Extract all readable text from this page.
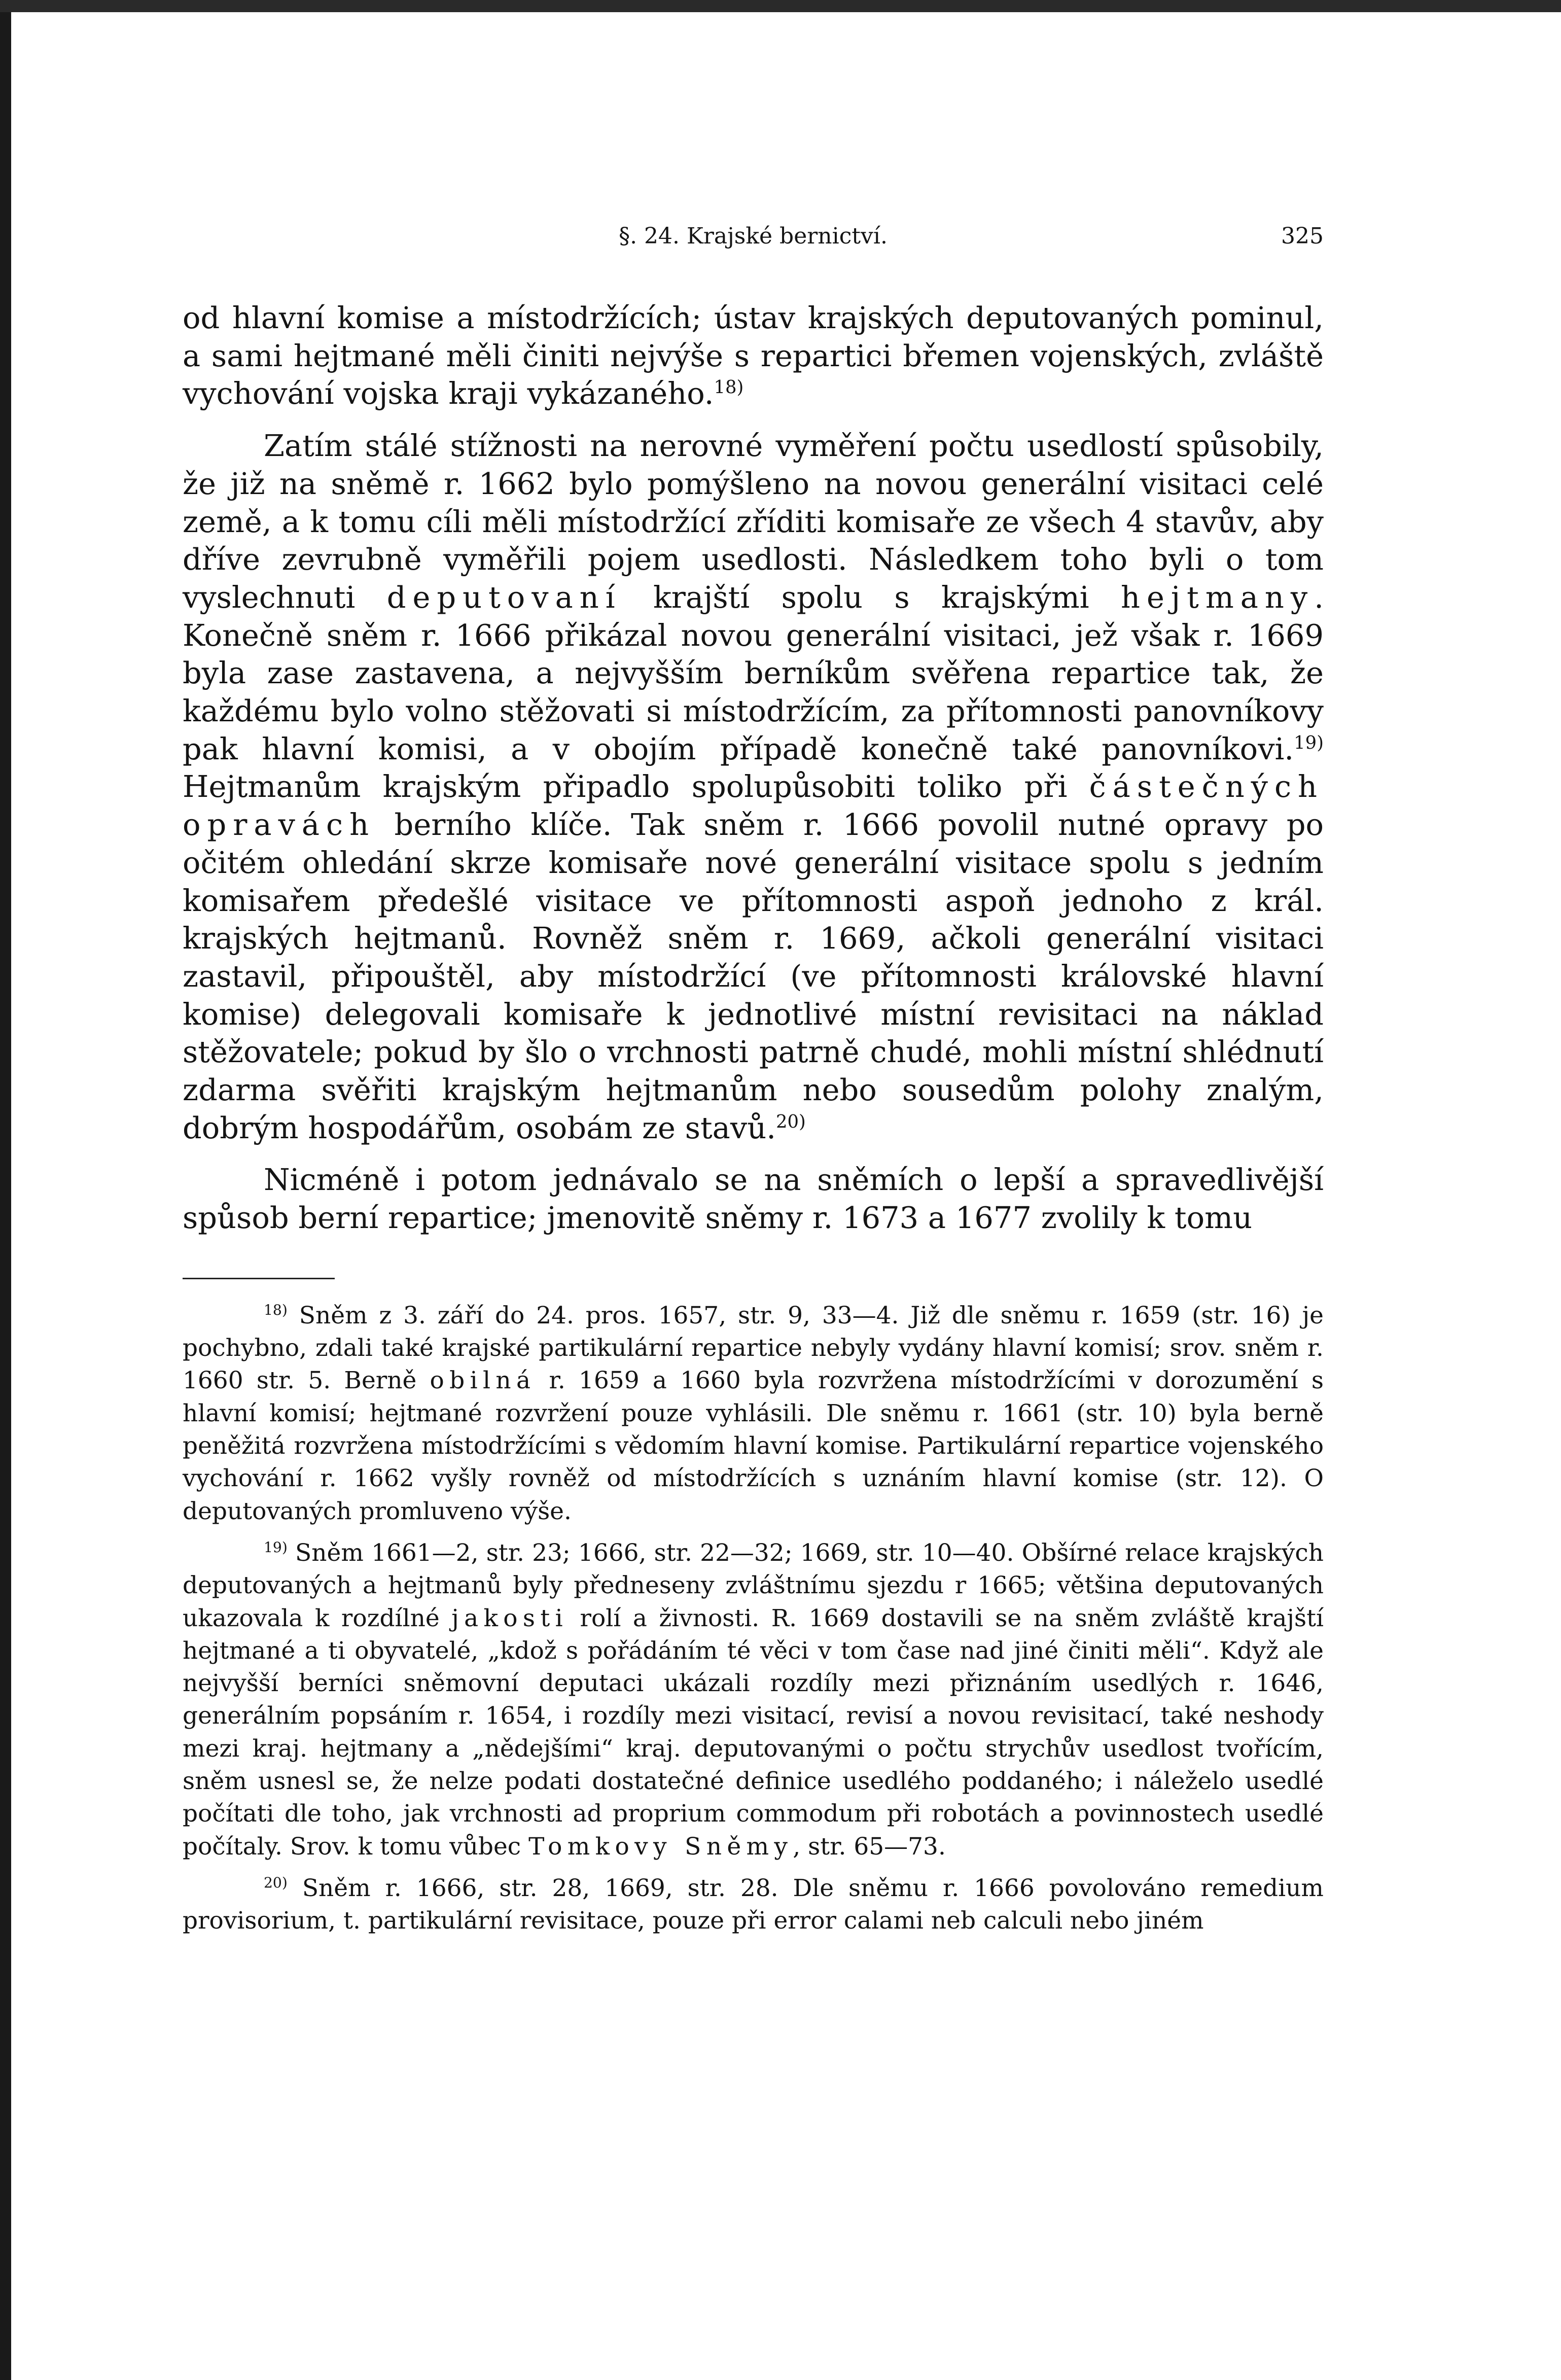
§. 24. Krajské bernictví.	325

od hlavní komise a místodržících; ústav krajských deputovaných pominul, a sami hejtmané měli činiti nejvýše s repartici břemen vojenských, zvláště vychování vojska kraji vykázaného.$^{18)}$

Zatím stálé stížnosti na nerovné vyměření počtu usedlostí spůsobily, že již na sněmě r. 1662 bylo pomýšleno na novou generální visitaci celé země, a k tomu cíli měli místodržící zříditi komisaře ze všech 4 stavův, aby dříve zevrubně vyměřili pojem usedlosti. Následkem toho byli o tom vyslechnuti deputovaní krajští spolu s krajskými hejtmany. Konečně sněm r. 1666 přikázal novou generální visitaci, jež však r. 1669 byla zase zastavena, a nejvyšším berníkům svěřena repartice tak, že každému bylo volno stěžovati si místodržícím, za přítomnosti panovníkovy pak hlavní komisi, a v obojím případě konečně také panovníkovi.$^{19)}$ Hejtmanům krajským připadlo spolupůsobiti toliko při částečných opravách berního klíče. Tak sněm r. 1666 povolil nutné opravy po očitém ohledání skrze komisaře nové generální visitace spolu s jedním komisařem předešlé visitace ve přítomnosti aspoň jednoho z král. krajských hejtmanů. Rovněž sněm r. 1669, ačkoli generální visitaci zastavil, připouštěl, aby místodržící (ve přítomnosti královské hlavní komise) delegovali komisaře k jednotlivé místní revisitaci na náklad stěžovatele; pokud by šlo o vrchnosti patrně chudé, mohli místní shlédnutí zdarma svěřiti krajským hejtmanům nebo sousedům polohy znalým, dobrým hospodářům, osobám ze stavů.$^{20)}$

Nicméně i potom jednávalo se na sněmích o lepší a spravedlivější spůsob berní repartice; jmenovitě sněmy r. 1673 a 1677 zvolily k tomu

$^{18)}$ Sněm z 3. září do 24. pros. 1657, str. 9, 33—4. Již dle sněmu r. 1659 (str. 16) je pochybno, zdali také krajské partikulární repartice nebyly vydány hlavní komisí; srov. sněm r. 1660 str. 5. Berně obilná r. 1659 a 1660 byla rozvržena místodržícími v dorozumění s hlavní komisí; hejtmané rozvržení pouze vyhlásili. Dle sněmu r. 1661 (str. 10) byla berně peněžitá rozvržena místodržícími s vědomím hlavní komise. Partikulární repartice vojenského vychování r. 1662 vyšly rovněž od místodržících s uznáním hlavní komise (str. 12). O deputovaných promluveno výše.

$^{19)}$ Sněm 1661—2, str. 23; 1666, str. 22—32; 1669, str. 10—40. Obšírné relace krajských deputovaných a hejtmanů byly předneseny zvláštnímu sjezdu r 1665; většina deputovaných ukazovala k rozdílné jakosti rolí a živnosti. R. 1669 dostavili se na sněm zvláště krajští hejtmané a ti obyvatelé, „kdož s pořádáním té věci v tom čase nad jiné činiti měli“. Když ale nejvyšší berníci sněmovní deputaci ukázali rozdíly mezi přiznáním usedlých r. 1646, generálním popsáním r. 1654, i rozdíly mezi visitací, revisí a novou revisitací, také neshody mezi kraj. hejtmany a „nědejšími“ kraj. deputovanými o počtu strychův usedlost tvořícím, sněm usnesl se, že nelze podati dostatečné definice usedlého poddaného; i náleželo usedlé počítati dle toho, jak vrchnosti ad proprium commodum při robotách a povinnostech usedlé počítaly. Srov. k tomu vůbec Tomkovy Sněmy, str. 65—73.

$^{20)}$ Sněm r. 1666, str. 28, 1669, str. 28. Dle sněmu r. 1666 povolováno remedium provisorium, t. partikulární revisitace, pouze při error calami neb calculi nebo jiném
